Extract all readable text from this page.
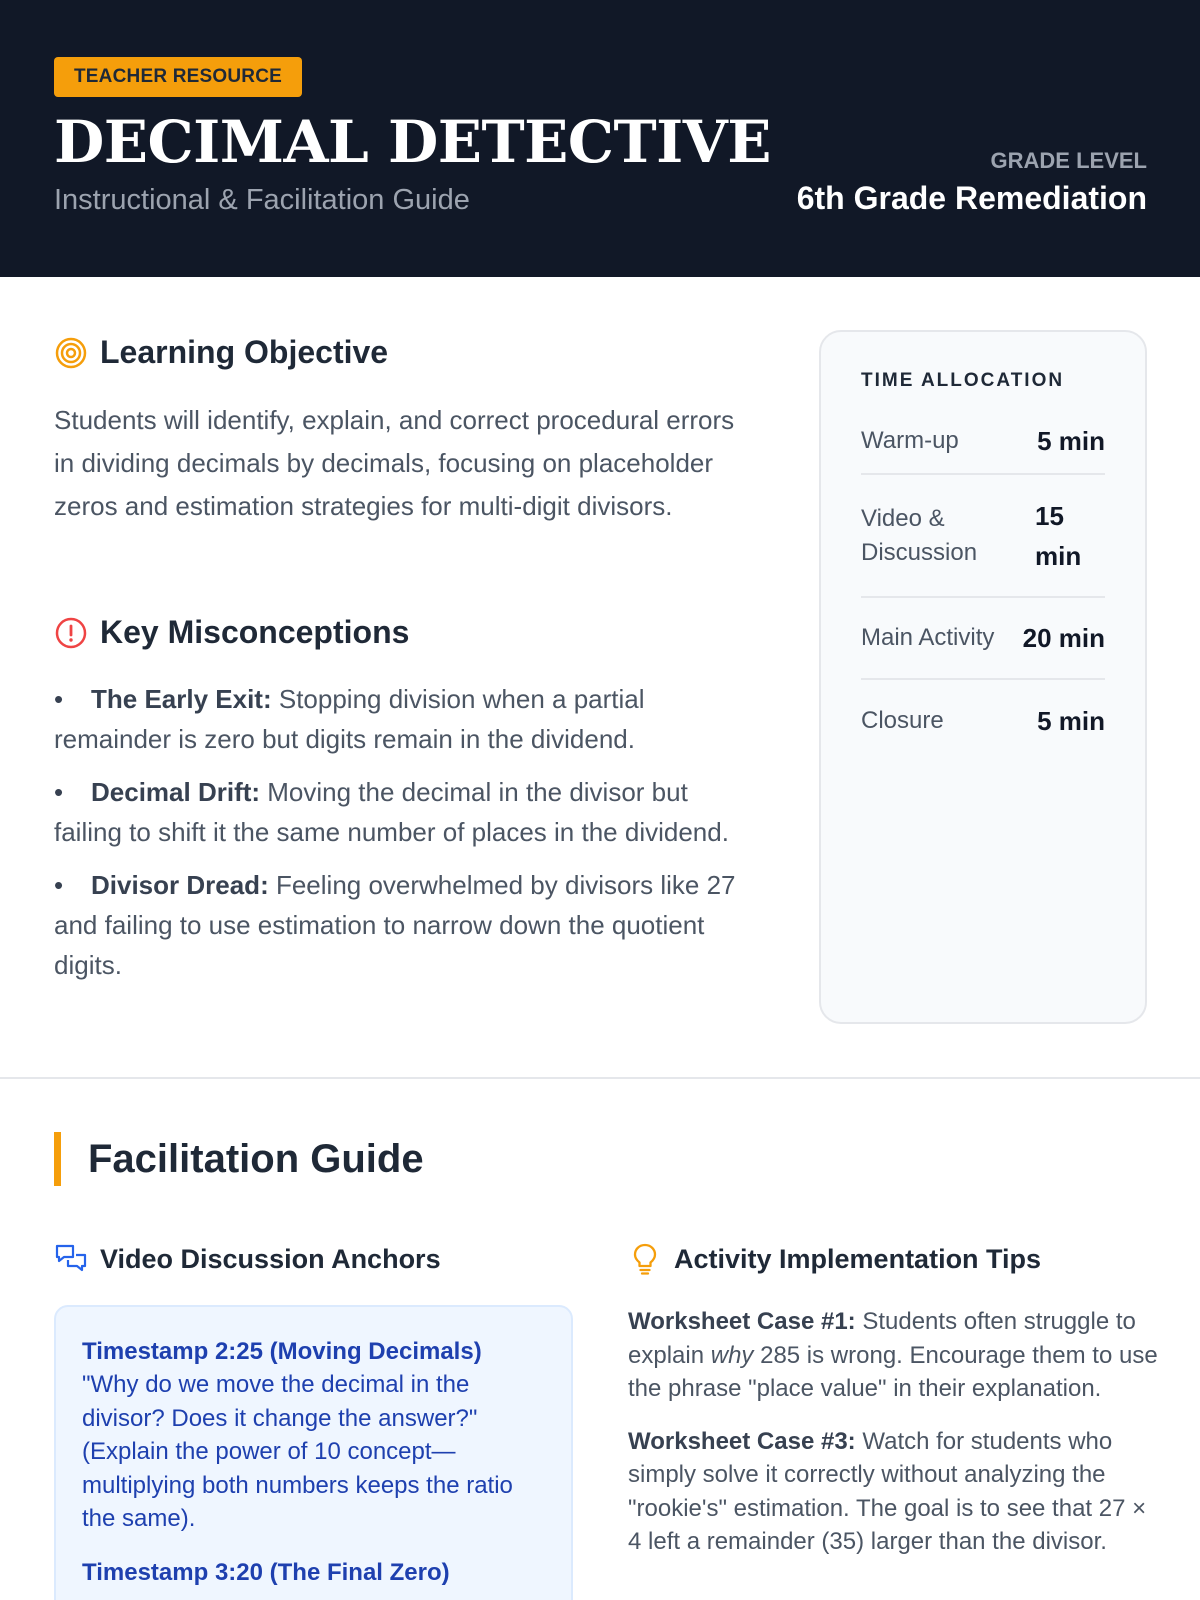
TEACHER RESOURCE
DECIMAL DETECTIVE
Instructional & Facilitation Guide
GRADE LEVEL
6th Grade Remediation
Learning Objective

Students will identify, explain, and correct procedural errors in dividing decimals by decimals, focusing on placeholder zeros and estimation strategies for multi-digit divisors.

Key Misconceptions
• The Early Exit: Stopping division when a partial remainder is zero but digits remain in the dividend.
• Decimal Drift: Moving the decimal in the divisor but failing to shift it the same number of places in the dividend.
• Divisor Dread: Feeling overwhelmed by divisors like 27 and failing to use estimation to narrow down the quotient digits.
TIME ALLOCATION
Warm-up	5 min
Video & Discussion
15 min
Main Activity 20 min
Closure	5 min
Facilitation Guide
Video Discussion Anchors
Timestamp 2:25 (Moving Decimals)
"Why do we move the decimal in the divisor? Does it change the answer?" (Explain the power of 10 concept—multiplying both numbers keeps the ratio the same).
Timestamp 3:20 (The Final Zero)
Activity Implementation Tips

Worksheet Case #1: Students often struggle to explain why 285 is wrong. Encourage them to use the phrase "place value" in their explanation.

Worksheet Case #3: Watch for students who simply solve it correctly without analyzing the "rookie's" estimation. The goal is to see that 27 × 4 left a remainder (35) larger than the divisor.
